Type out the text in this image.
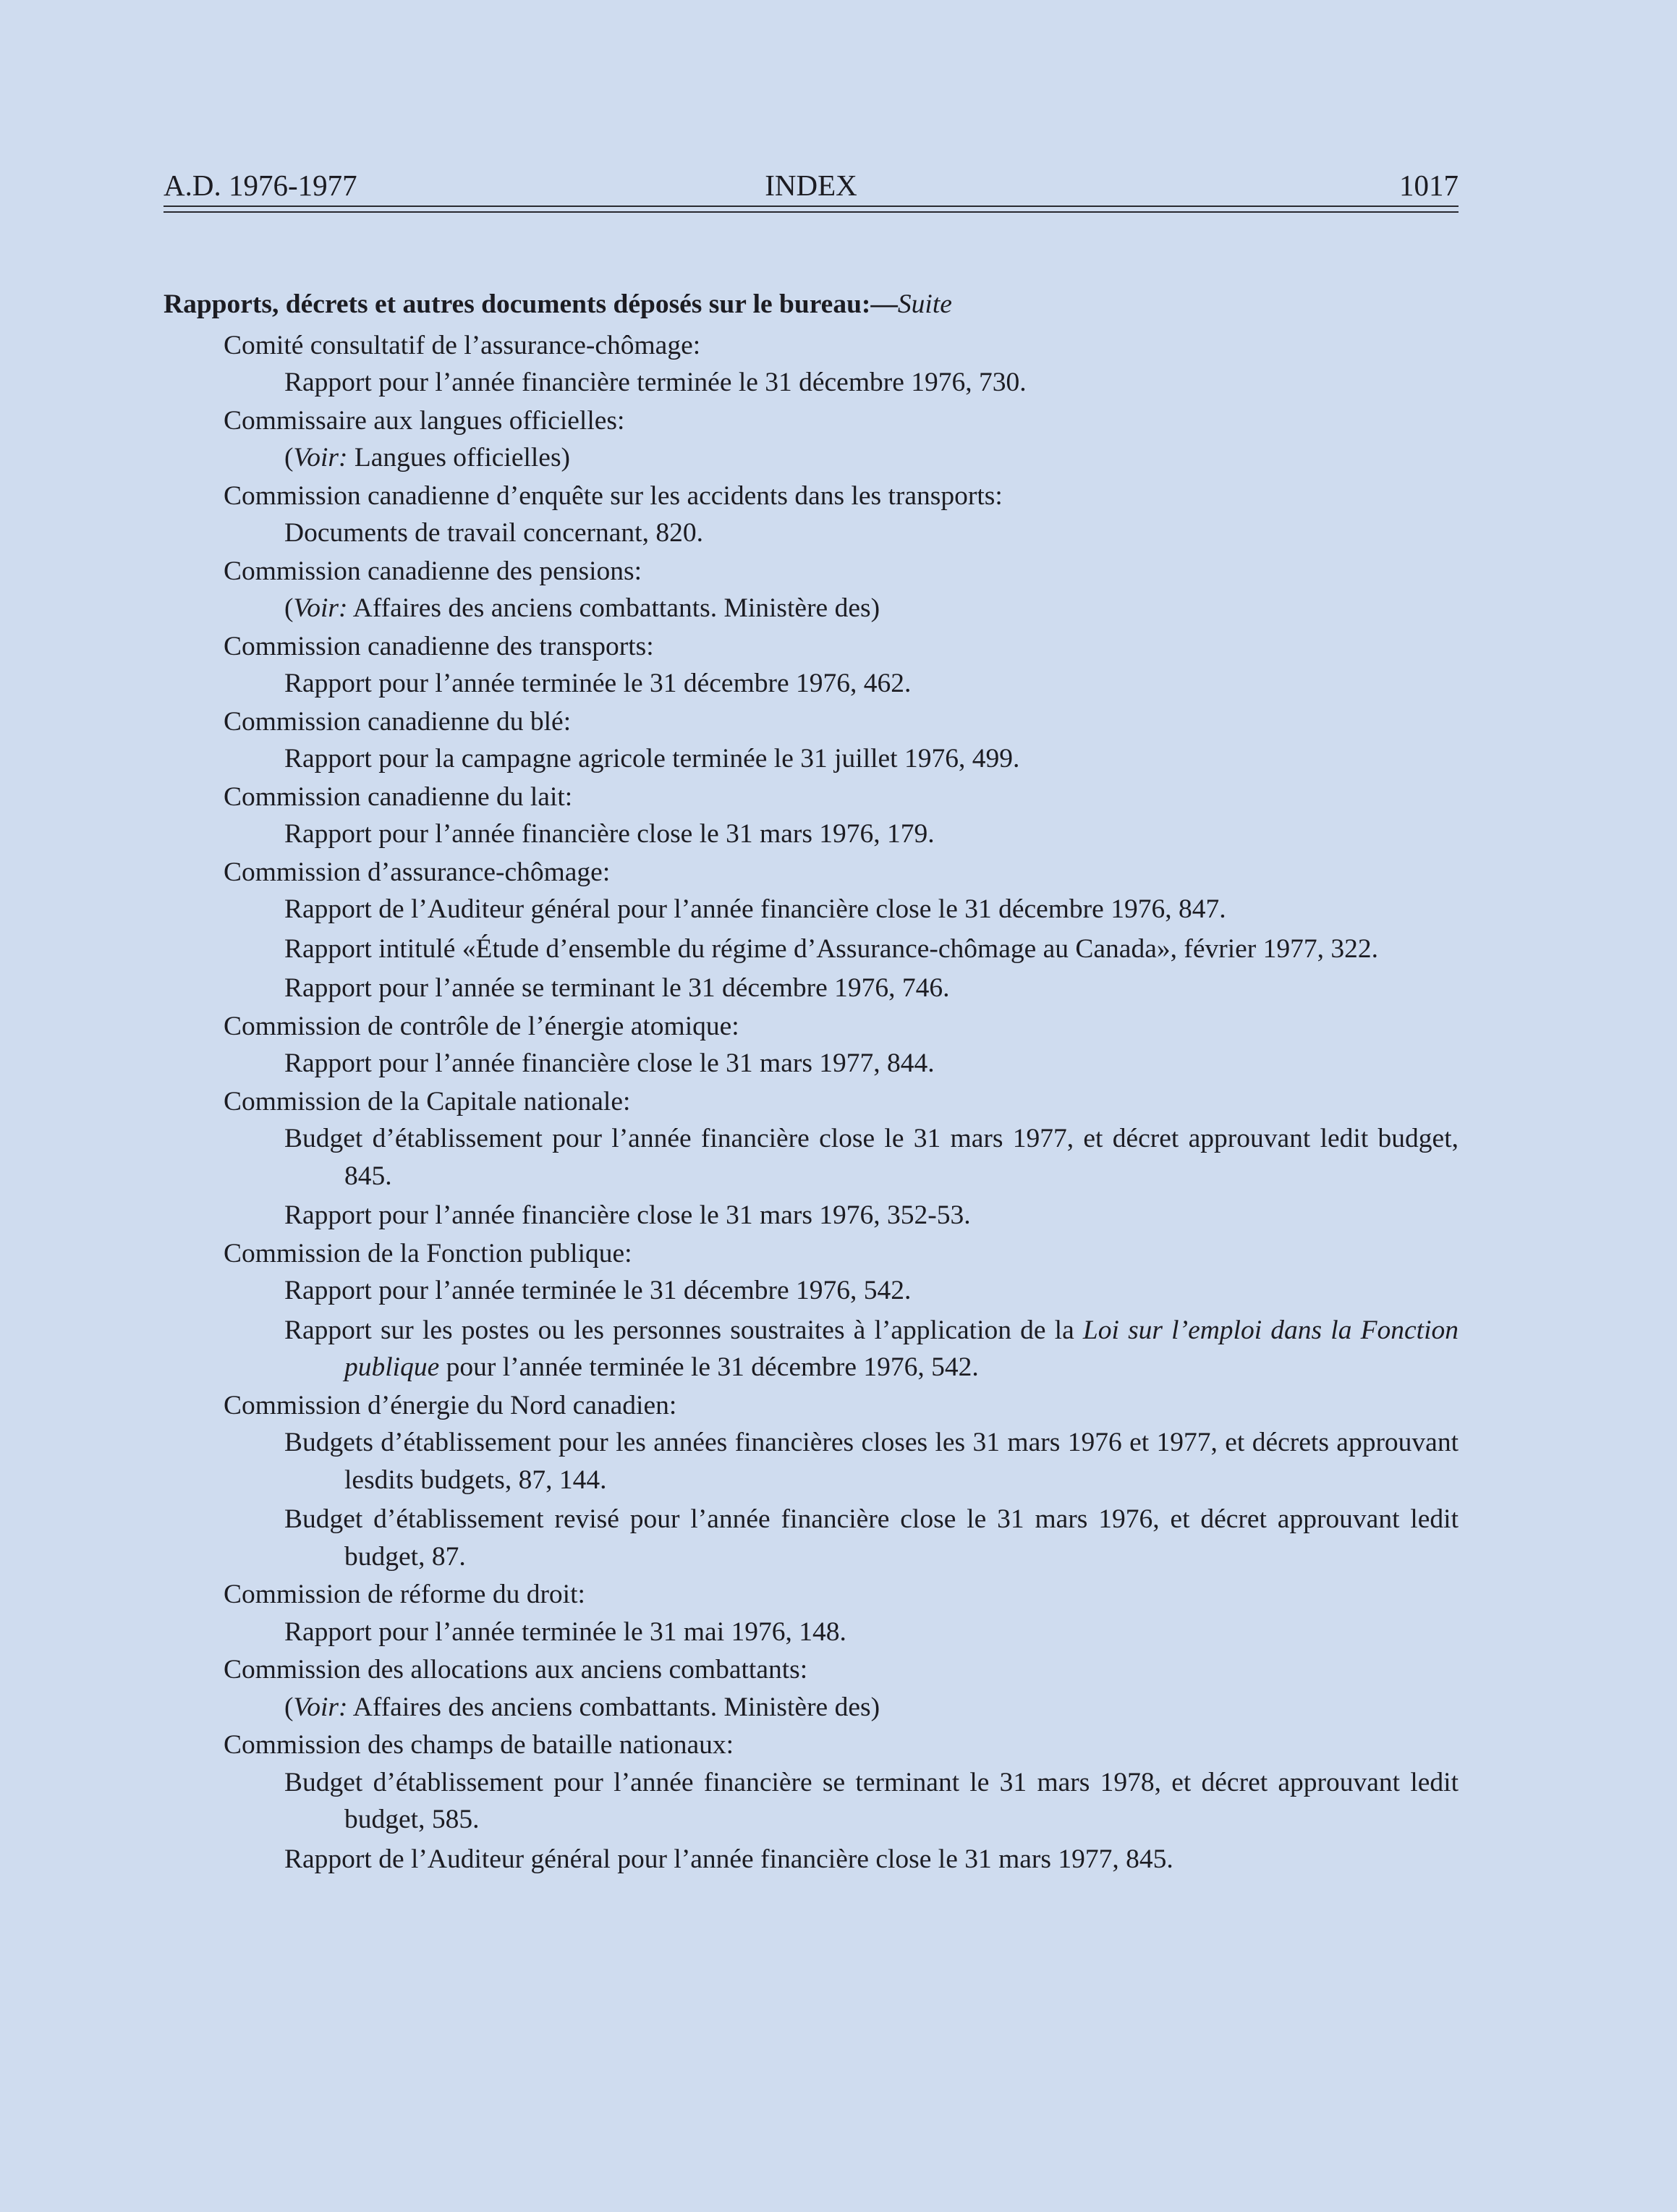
A.D. 1976-1977	INDEX	1017
Rapports, décrets et autres documents déposés sur le bureau:—Suite
Comité consultatif de l’assurance-chômage:
Rapport pour l’année financière terminée le 31 décembre 1976, 730.
Commissaire aux langues officielles:
(Voir: Langues officielles)
Commission canadienne d’enquête sur les accidents dans les transports:
Documents de travail concernant, 820.
Commission canadienne des pensions:
(Voir: Affaires des anciens combattants. Ministère des)
Commission canadienne des transports:
Rapport pour l’année terminée le 31 décembre 1976, 462.
Commission canadienne du blé:
Rapport pour la campagne agricole terminée le 31 juillet 1976, 499.
Commission canadienne du lait:
Rapport pour l’année financière close le 31 mars 1976, 179.
Commission d’assurance-chômage:
Rapport de l’Auditeur général pour l’année financière close le 31 décembre 1976, 847.
Rapport intitulé «Étude d’ensemble du régime d’Assurance-chômage au Canada», février 1977, 322.
Rapport pour l’année se terminant le 31 décembre 1976, 746.
Commission de contrôle de l’énergie atomique:
Rapport pour l’année financière close le 31 mars 1977, 844.
Commission de la Capitale nationale:
Budget d’établissement pour l’année financière close le 31 mars 1977, et décret approuvant ledit budget, 845.
Rapport pour l’année financière close le 31 mars 1976, 352-53.
Commission de la Fonction publique:
Rapport pour l’année terminée le 31 décembre 1976, 542.
Rapport sur les postes ou les personnes soustraites à l’application de la Loi sur l’emploi dans la Fonction publique pour l’année terminée le 31 décembre 1976, 542.
Commission d’énergie du Nord canadien:
Budgets d’établissement pour les années financières closes les 31 mars 1976 et 1977, et décrets approuvant lesdits budgets, 87, 144.
Budget d’établissement revisé pour l’année financière close le 31 mars 1976, et décret approuvant ledit budget, 87.
Commission de réforme du droit:
Rapport pour l’année terminée le 31 mai 1976, 148.
Commission des allocations aux anciens combattants:
(Voir: Affaires des anciens combattants. Ministère des)
Commission des champs de bataille nationaux:
Budget d’établissement pour l’année financière se terminant le 31 mars 1978, et décret approuvant ledit budget, 585.
Rapport de l’Auditeur général pour l’année financière close le 31 mars 1977, 845.
